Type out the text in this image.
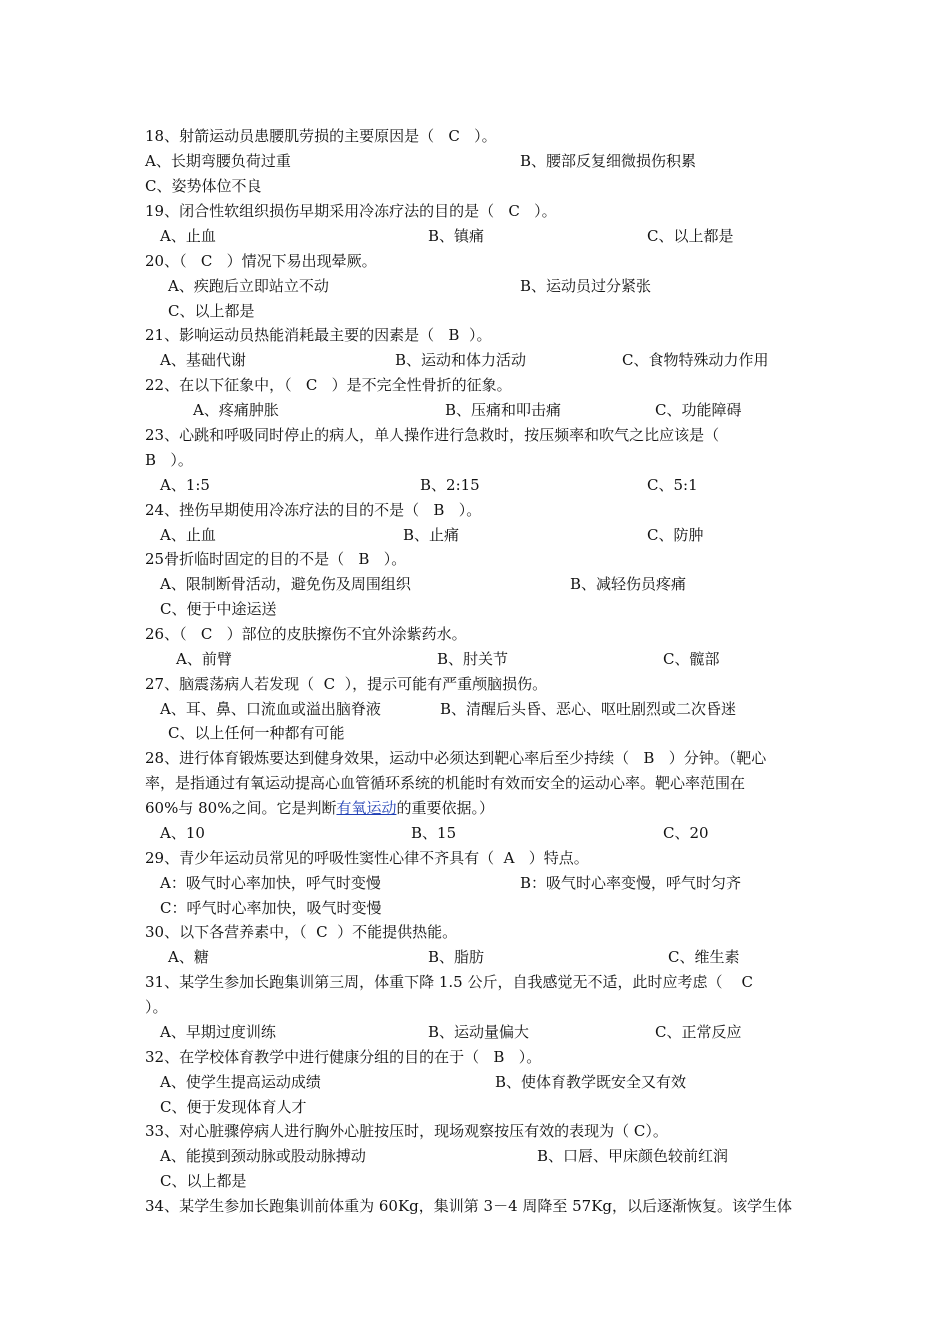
18、射箭运动员患腰肌劳损的主要原因是（   C   ）。
A、长期弯腰负荷过重	B、腰部反复细微损伤积累
C、姿势体位不良
19、闭合性软组织损伤早期采用冷冻疗法的目的是（   C   ）。
A、止血	B、镇痛	C、以上都是
20、（   C   ）情况下易出现晕厥。
A、疾跑后立即站立不动	B、运动员过分紧张
C、以上都是
21、影响运动员热能消耗最主要的因素是（   B  ）。
A、基础代谢	B、运动和体力活动	C、食物特殊动力作用
22、在以下征象中，（   C   ）是不完全性骨折的征象。
A、疼痛肿胀	B、压痛和叩击痛	C、功能障碍
23、心跳和呼吸同时停止的病人，单人操作进行急救时，按压频率和吹气之比应该是（
B   ）。
A、1:5	B、2:15	C、5:1
24、挫伤早期使用冷冻疗法的目的不是（   B   ）。
A、止血	B、止痛	C、防肿
25骨折临时固定的目的不是（   B   ）。
A、限制断骨活动，避免伤及周围组织	B、减轻伤员疼痛
C、便于中途运送
26、（   C   ）部位的皮肤擦伤不宜外涂紫药水。
A、前臂	B、肘关节	C、髋部
27、脑震荡病人若发现（  C  ），提示可能有严重颅脑损伤。
A、耳、鼻、口流血或溢出脑脊液	B、清醒后头昏、恶心、呕吐剧烈或二次昏迷
C、以上任何一种都有可能
28、进行体育锻炼要达到健身效果，运动中必须达到靶心率后至少持续（   B   ）分钟。（靶心
率，是指通过有氧运动提高心血管循环系统的机能时有效而安全的运动心率。靶心率范围在
60%与 80%之间。它是判断有氧运动的重要依据。）
A、10	B、15	C、20
29、青少年运动员常见的呼吸性窦性心律不齐具有（  A   ）特点。
A：吸气时心率加快，呼气时变慢	B：吸气时心率变慢，呼气时匀齐
C：呼气时心率加快，吸气时变慢
30、以下各营养素中，（  C  ）不能提供热能。
A、糖	B、脂肪	C、维生素
31、某学生参加长跑集训第三周，体重下降 1.5 公斤，自我感觉无不适，此时应考虑（    C
）。
A、早期过度训练	B、运动量偏大	C、正常反应
32、在学校体育教学中进行健康分组的目的在于（   B   ）。
A、使学生提高运动成绩	B、使体育教学既安全又有效
C、便于发现体育人才
33、对心脏骤停病人进行胸外心脏按压时，现场观察按压有效的表现为（ C）。
A、能摸到颈动脉或股动脉搏动	B、口唇、甲床颜色较前红润
C、以上都是
34、某学生参加长跑集训前体重为 60Kg，集训第 3－4 周降至 57Kg，以后逐渐恢复。该学生体
